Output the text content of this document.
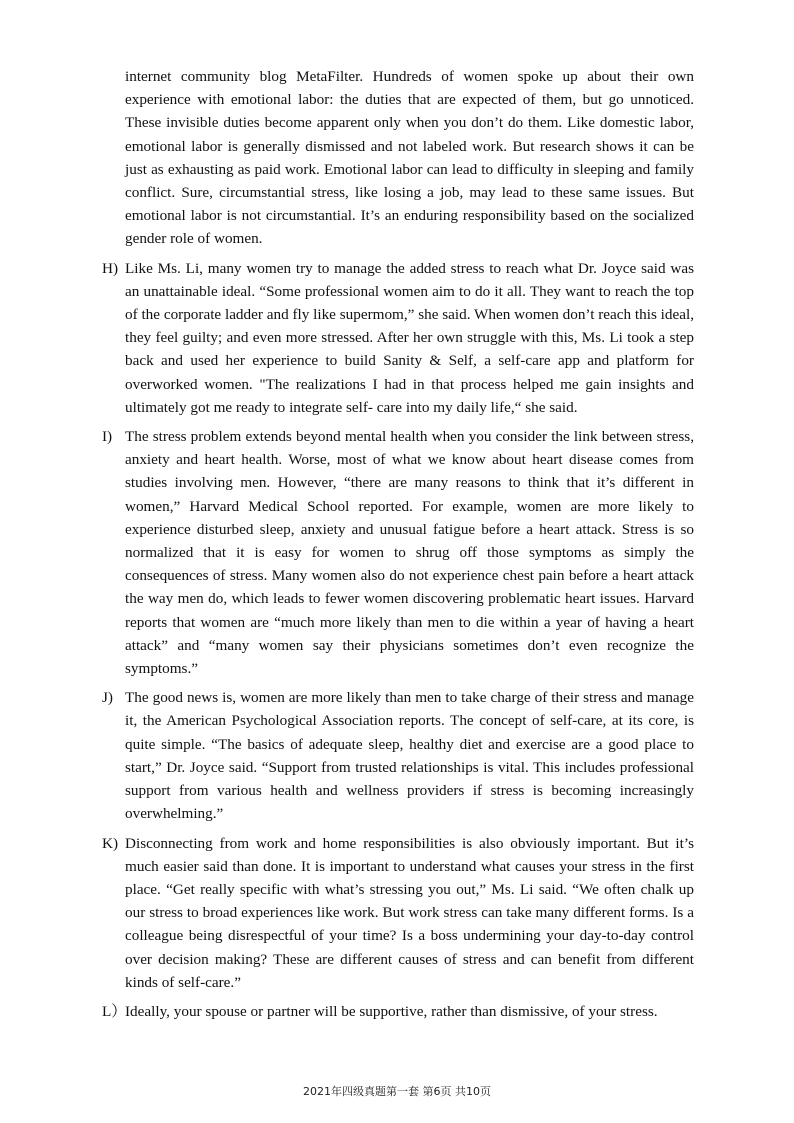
internet community blog MetaFilter. Hundreds of women spoke up about their own experience with emotional labor: the duties that are expected of them, but go unnoticed. These invisible duties become apparent only when you don’t do them. Like domestic labor, emotional labor is generally dismissed and not labeled work. But research shows it can be just as exhausting as paid work. Emotional labor can lead to difficulty in sleeping and family conflict. Sure, circumstantial stress, like losing a job, may lead to these same issues. But emotional labor is not circumstantial. It’s an enduring responsibility based on the socialized gender role of women.
H) Like Ms. Li, many women try to manage the added stress to reach what Dr. Joyce said was an unattainable ideal. “Some professional women aim to do it all. They want to reach the top of the corporate ladder and fly like supermom,” she said. When women don’t reach this ideal, they feel guilty; and even more stressed. After her own struggle with this, Ms. Li took a step back and used her experience to build Sanity & Self, a self-care app and platform for overworked women. "The realizations I had in that process helped me gain insights and ultimately got me ready to integrate self- care into my daily life,“ she said.
I) The stress problem extends beyond mental health when you consider the link between stress, anxiety and heart health. Worse, most of what we know about heart disease comes from studies involving men. However, “there are many reasons to think that it’s different in women,” Harvard Medical School reported. For example, women are more likely to experience disturbed sleep, anxiety and unusual fatigue before a heart attack. Stress is so normalized that it is easy for women to shrug off those symptoms as simply the consequences of stress. Many women also do not experience chest pain before a heart attack the way men do, which leads to fewer women discovering problematic heart issues. Harvard reports that women are “much more likely than men to die within a year of having a heart attack” and “many women say their physicians sometimes don’t even recognize the symptoms.”
J) The good news is, women are more likely than men to take charge of their stress and manage it, the American Psychological Association reports. The concept of self-care, at its core, is quite simple. “The basics of adequate sleep, healthy diet and exercise are a good place to start,” Dr. Joyce said. “Support from trusted relationships is vital. This includes professional support from various health and wellness providers if stress is becoming increasingly overwhelming.”
K) Disconnecting from work and home responsibilities is also obviously important. But it’s much easier said than done. It is important to understand what causes your stress in the first place. “Get really specific with what’s stressing you out,” Ms. Li said. “We often chalk up our stress to broad experiences like work. But work stress can take many different forms. Is a colleague being disrespectful of your time? Is a boss undermining your day-to-day control over decision making? These are different causes of stress and can benefit from different kinds of self-care.”
L）
Ideally, your spouse or partner will be supportive, rather than dismissive, of your stress.
2021年四级真题第一套 第6页 共10页
